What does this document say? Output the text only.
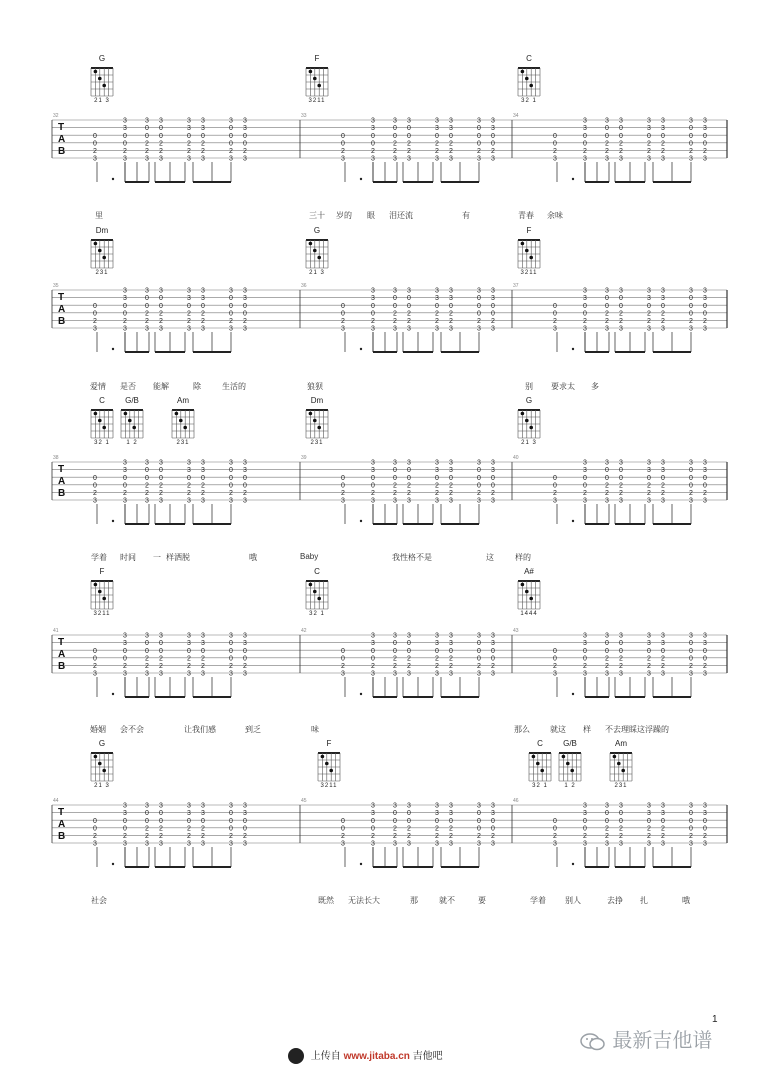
T
A
B
32	33	34
0
0
2
3
3
3
0
0
2
3
3
0
0
2
2
3
3
0
0
2
2
3
3
3
0
2
2
3
3
3
0
2
2
3
3
0
0
0
2
3
3
3
0
0
2
3
0
0
2
3
3
3
0
0
2
3
3
0
0
2
2
3
3
0
0
2
2
3
3
3
0
2
2
3
3
3
0
2
2
3
3
0
0
0
2
3
3
3
0
0
2
3
0
0
2
3
3
3
0
0
2
3
3
0
0
2
2
3
3
0
0
2
2
3
3
3
0
2
2
3
3
3
0
2
2
3
3
0
0
0
2
3
3
3
0
0
2
3
G
21 3
F
3211
C
32 1
里	三十 岁的 眼 泪还流	有	青春 余味
T
A
B
35	36	37
0
0
2
3
3
3
0
0
2
3
3
0
0
2
2
3
3
0
0
2
2
3
3
3
0
2
2
3
3
3
0
2
2
3
3
0
0
0
2
3
3
3
0
0
2
3
0
0
2
3
3
3
0
0
2
3
3
0
0
2
2
3
3
0
0
2
2
3
3
3
0
2
2
3
3
3
0
2
2
3
3
0
0
0
2
3
3
3
0
0
2
3
0
0
2
3
3
3
0
0
2
3
3
0
0
2
2
3
3
0
0
2
2
3
3
3
0
2
2
3
3
3
0
2
2
3
3
0
0
0
2
3
3
3
0
0
2
3
Dm
231
G
21 3
F
3211
爱情 是否 能解	除	生活的	狼狈	别 要求太 多
T
A
B
38	39	40
0
0
2
3
3
3
0
0
2
3
3
0
0
2
2
3
3
0
0
2
2
3
3
3
0
2
2
3
3
3
0
2
2
3
3
0
0
0
2
3
3
3
0
0
2
3
0
0
2
3
3
3
0
0
2
3
3
0
0
2
2
3
3
0
0
2
2
3
3
3
0
2
2
3
3
3
0
2
2
3
3
0
0
0
2
3
3
3
0
0
2
3
0
0
2
3
3
3
0
0
2
3
3
0
0
2
2
3
3
0
0
2
2
3
3
3
0
2
2
3
3
3
0
2
2
3
3
0
0
0
2
3
3
3
0
0
2
3
C
32 1
G/B
1 2
Am
231
Dm
231
G
21 3
学着 时间 一 样洒脱	哦	Baby	我性格不是	这	样的
T
A
B
41	42	43
0
0
2
3
3
3
0
0
2
3
3
0
0
2
2
3
3
0
0
2
2
3
3
3
0
2
2
3
3
3
0
2
2
3
3
0
0
0
2
3
3
3
0
0
2
3
0
0
2
3
3
3
0
0
2
3
3
0
0
2
2
3
3
0
0
2
2
3
3
3
0
2
2
3
3
3
0
2
2
3
3
0
0
0
2
3
3
3
0
0
2
3
0
0
2
3
3
3
0
0
2
3
3
0
0
2
2
3
3
0
0
2
2
3
3
3
0
2
2
3
3
3
0
2
2
3
3
0
0
0
2
3
3
3
0
0
2
3
F
3211
C
32 1
A#
1444
婚姻 会不会	让我们感	到乏	味	那么	就这 样 不去理睬这浮躁的
T
A
B
44	45	46
0
0
2
3
3
3
0
0
2
3
3
0
0
2
2
3
3
0
0
2
2
3
3
3
0
2
2
3
3
3
0
2
2
3
3
0
0
0
2
3
3
3
0
0
2
3
0
0
2
3
3
3
0
0
2
3
3
0
0
2
2
3
3
0
0
2
2
3
3
3
0
2
2
3
3
3
0
2
2
3
3
0
0
0
2
3
3
3
0
0
2
3
0
0
2
3
3
3
0
0
2
3
3
0
0
2
2
3
3
0
0
2
2
3
3
3
0
2
2
3
3
3
0
2
2
3
3
0
0
0
2
3
3
3
0
0
2
3
G
21 3
F
3211
C
32 1
G/B
1 2
Am
231
社会	既然 无法长大	那	就不	要	学着 别人	去挣 扎	哦
1
最新吉他谱
上传自 www.jitaba.cn 吉他吧
